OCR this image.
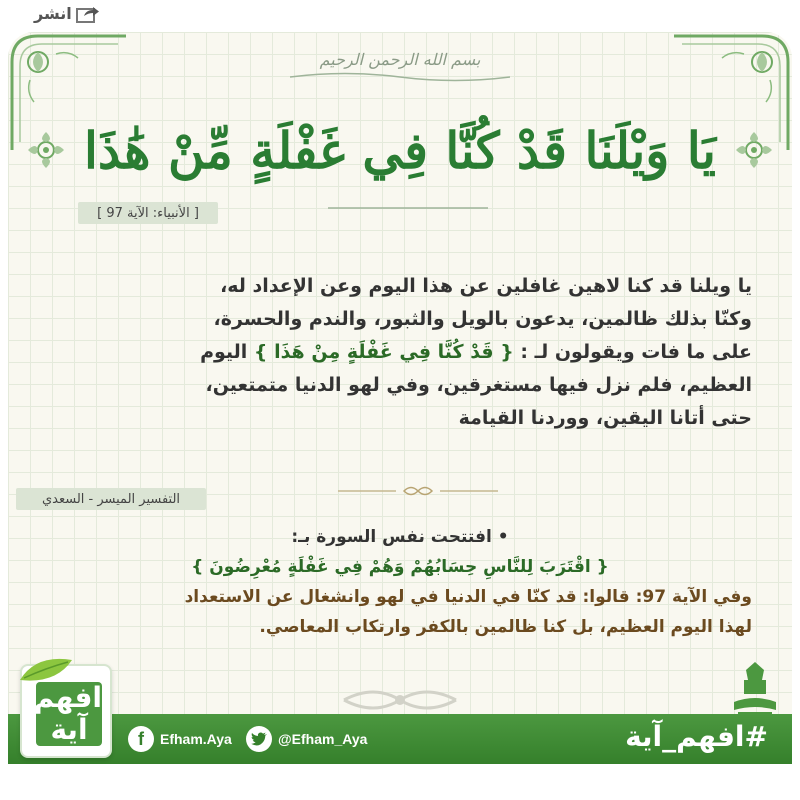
انشر
بسم الله الرحمن الرحيم
يَا وَيْلَنَا قَدْ كُنَّا فِي غَفْلَةٍ مِّنْ هَٰذَا
[ الأنبياء: الآية 97 ]
يا ويلنا قد كنا لاهين غافلين عن هذا اليوم وعن الإعداد له،
وكنّا بذلك ظالمين، يدعون بالويل والثبور، والندم والحسرة،
على ما فات ويقولون لـ : { قَدْ كُنَّا فِي غَفْلَةٍ مِنْ هَذَا } اليوم
العظيم، فلم نزل فيها مستغرقين، وفي لهو الدنيا متمتعين،
حتى أتانا اليقين، ووردنا القيامة
التفسير الميسر - السعدي
• افتتحت نفس السورة بـ:
{ اقْتَرَبَ لِلنَّاسِ حِسَابُهُمْ وَهُمْ فِي غَفْلَةٍ مُعْرِضُونَ }
وفي الآية 97: قالوا: قد كنّا في الدنيا في لهو وانشغال عن الاستعداد
لهذا اليوم العظيم، بل كنا ظالمين بالكفر وارتكاب المعاصي.
f	Efham.Aya	@Efham_Aya	#افهم_آية
افهم آية
